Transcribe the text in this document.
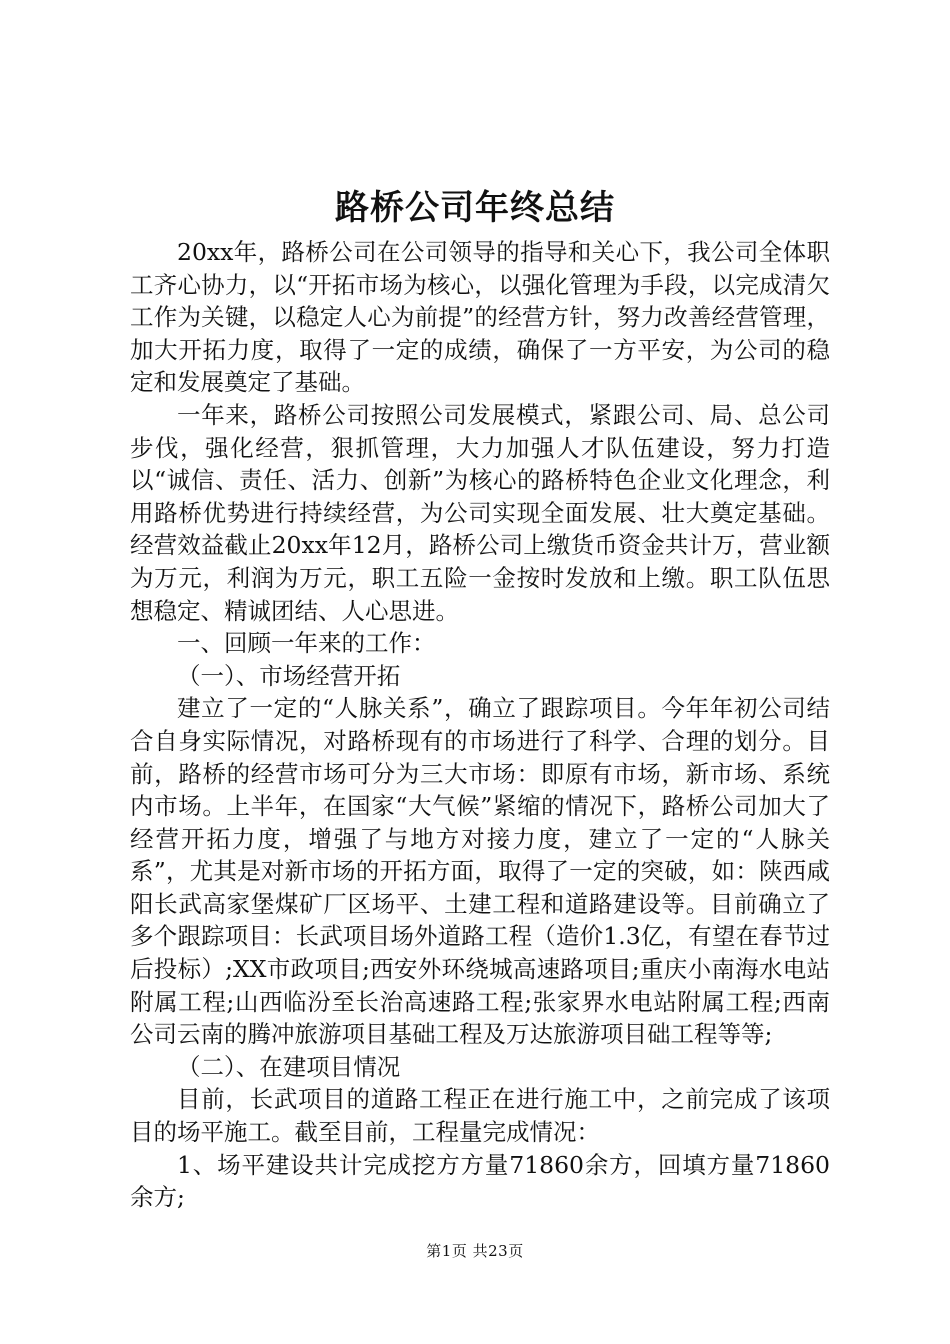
路桥公司年终总结

20xx年，路桥公司在公司领导的指导和关心下，我公司全体职工齐心协力，以“开拓市场为核心，以强化管理为手段，以完成清欠工作为关键，以稳定人心为前提”的经营方针，努力改善经营管理，加大开拓力度，取得了一定的成绩，确保了一方平安，为公司的稳定和发展奠定了基础。

一年来，路桥公司按照公司发展模式，紧跟公司、局、总公司步伐，强化经营，狠抓管理，大力加强人才队伍建设，努力打造以“诚信、责任、活力、创新”为核心的路桥特色企业文化理念，利用路桥优势进行持续经营，为公司实现全面发展、壮大奠定基础。经营效益截止20xx年12月，路桥公司上缴货币资金共计万，营业额为万元，利润为万元，职工五险一金按时发放和上缴。职工队伍思想稳定、精诚团结、人心思进。

一、回顾一年来的工作：

（一）、市场经营开拓

建立了一定的“人脉关系”，确立了跟踪项目。今年年初公司结合自身实际情况，对路桥现有的市场进行了科学、合理的划分。目前，路桥的经营市场可分为三大市场：即原有市场，新市场、系统内市场。上半年，在国家“大气候”紧缩的情况下，路桥公司加大了经营开拓力度，增强了与地方对接力度，建立了一定的“人脉关系”，尤其是对新市场的开拓方面，取得了一定的突破，如：陕西咸阳长武高家堡煤矿厂区场平、土建工程和道路建设等。目前确立了多个跟踪项目：长武项目场外道路工程（造价1.3亿，有望在春节过后投标）;XX市政项目;西安外环绕城高速路项目;重庆小南海水电站附属工程;山西临汾至长治高速路工程;张家界水电站附属工程;西南公司云南的腾冲旅游项目基础工程及万达旅游项目础工程等等;

（二）、在建项目情况

目前，长武项目的道路工程正在进行施工中，之前完成了该项目的场平施工。截至目前，工程量完成情况：

1、场平建设共计完成挖方方量71860余方，回填方量71860余方;

第1页 共23页
